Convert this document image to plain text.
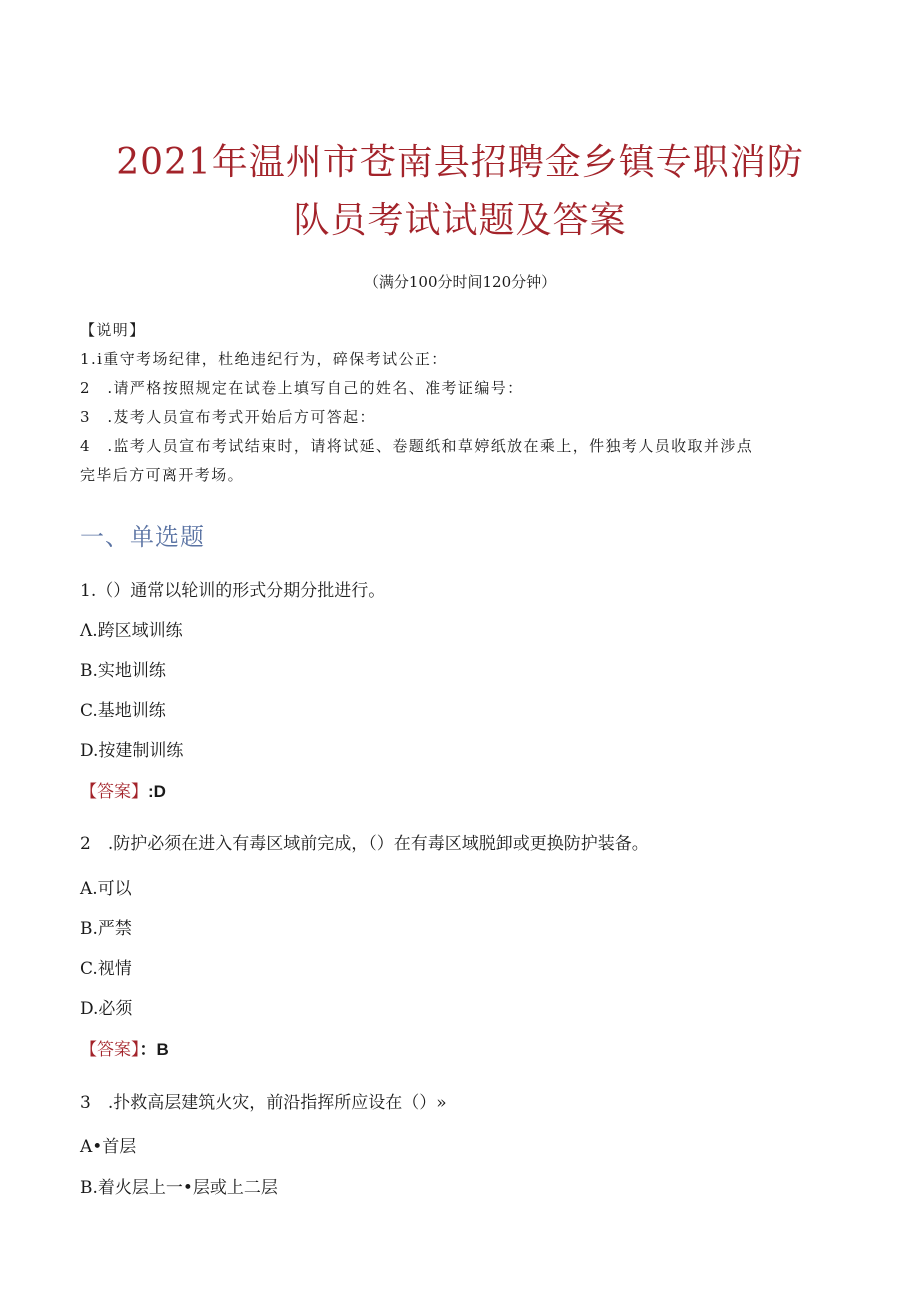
2021年温州市苍南县招聘金乡镇专职消防
队员考试试题及答案
（满分100分时间120分钟）
【说明】
1.i重守考场纪律，杜绝违纪行为，碎保考试公正：
2　.请严格按照规定在试卷上填写自己的姓名、准考证编号：
3　.芨考人员宣布考式开始后方可答起：
4　.监考人员宣布考试结束时，请将试延、卷题纸和草婷纸放在乘上，件独考人员收取并涉点
完毕后方可离开考场。
一、单选题
1.（）通常以轮训的形式分期分批进行。
Λ.跨区域训练
B.实地训练
C.基地训练
D.按建制训练
【答案】:D
2　.防护必须在进入有毒区域前完成，（）在有毒区域脱卸或更换防护装备。
A.可以
B.严禁
C.视情
D.必须
【答案】：B
3　.扑救高层建筑火灾，前沿指挥所应设在（）»
A•首层
B.着火层上一•层或上二层
